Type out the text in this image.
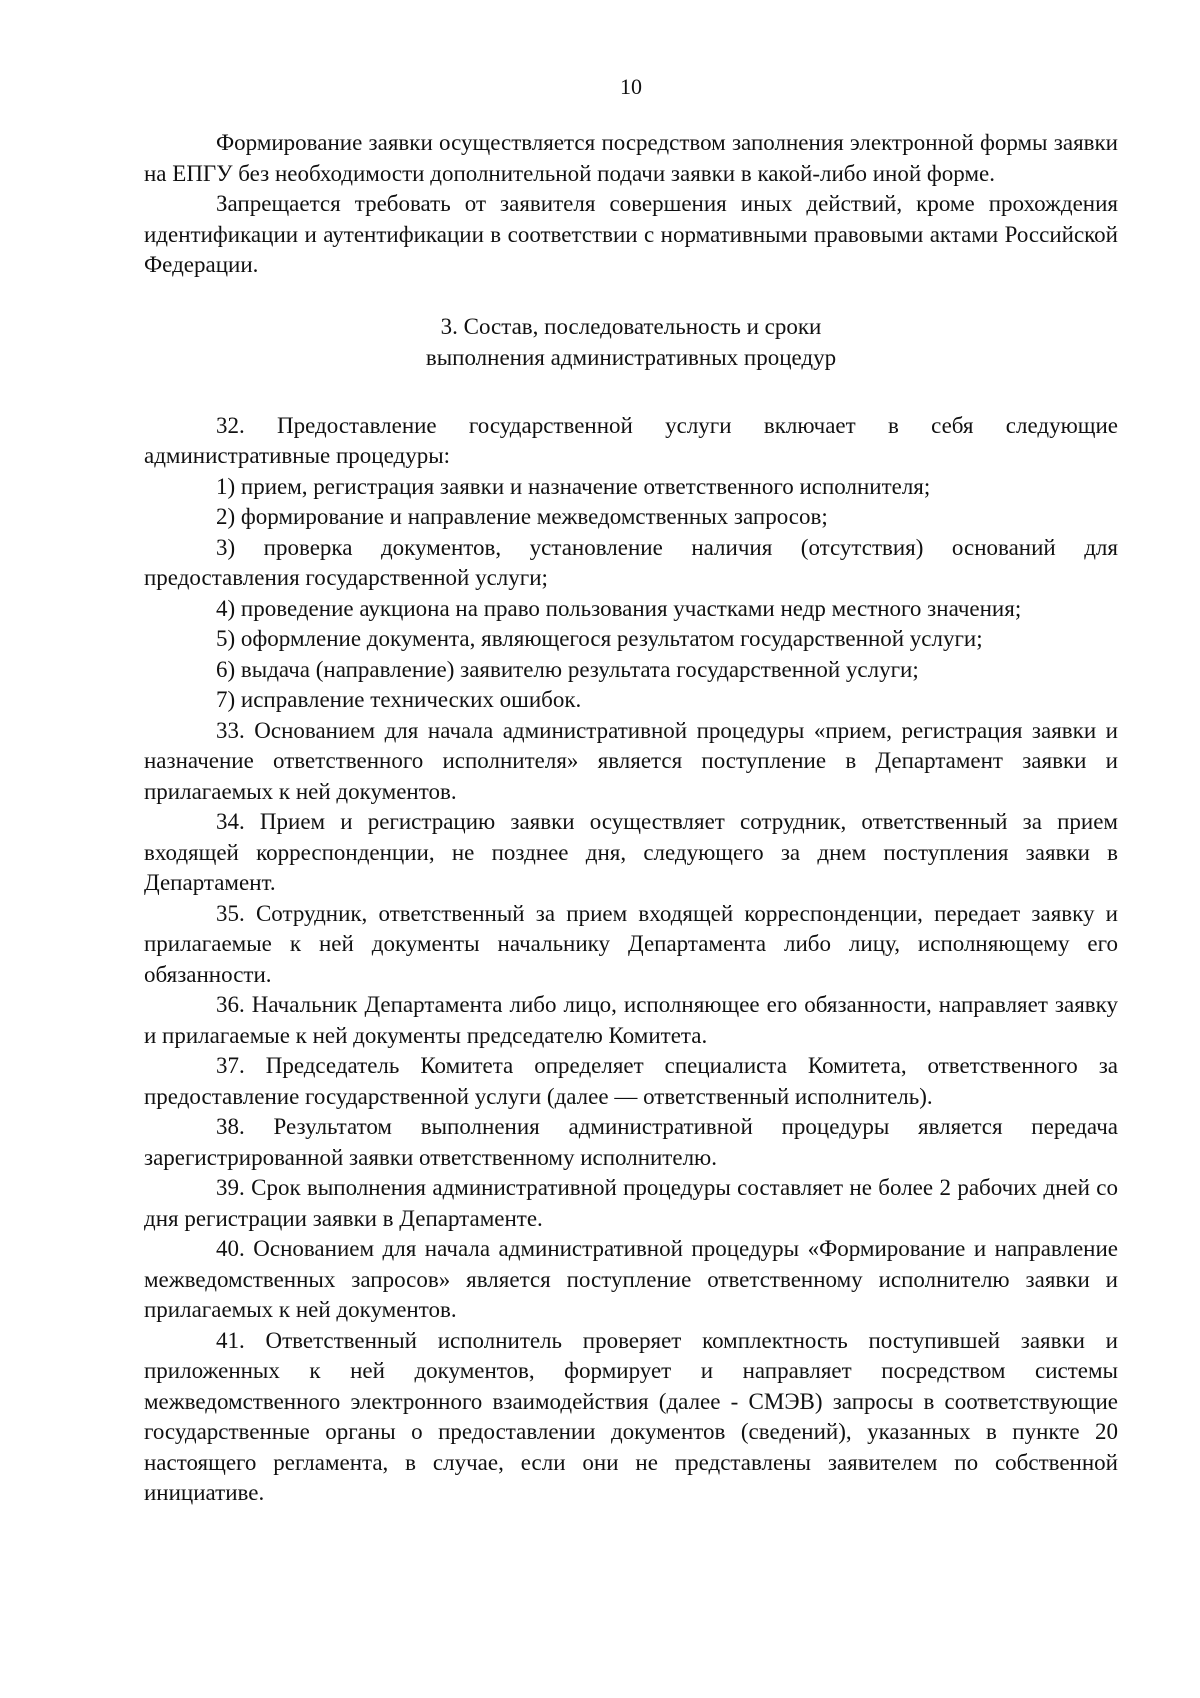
10

Формирование заявки осуществляется посредством заполнения электронной формы заявки на ЕПГУ без необходимости дополнительной подачи заявки в какой-либо иной форме.

Запрещается требовать от заявителя совершения иных действий, кроме прохождения идентификации и аутентификации в соответствии с нормативными правовыми актами Российской Федерации.

3. Состав, последовательность и сроки
выполнения административных процедур

32. Предоставление государственной услуги включает в себя следующие административные процедуры:

1) прием, регистрация заявки и назначение ответственного исполнителя;

2) формирование и направление межведомственных запросов;

3) проверка документов, установление наличия (отсутствия) оснований для предоставления государственной услуги;

4) проведение аукциона на право пользования участками недр местного значения;

5) оформление документа, являющегося результатом государственной услуги;

6) выдача (направление) заявителю результата государственной услуги;

7) исправление технических ошибок.

33. Основанием для начала административной процедуры «прием, регистрация заявки и назначение ответственного исполнителя» является поступление в Департамент заявки и прилагаемых к ней документов.

34. Прием и регистрацию заявки осуществляет сотрудник, ответственный за прием входящей корреспонденции, не позднее дня, следующего за днем поступления заявки в Департамент.

35. Сотрудник, ответственный за прием входящей корреспонденции, передает заявку и прилагаемые к ней документы начальнику Департамента либо лицу, исполняющему его обязанности.

36. Начальник Департамента либо лицо, исполняющее его обязанности, направляет заявку и прилагаемые к ней документы председателю Комитета.

37. Председатель Комитета определяет специалиста Комитета, ответственного за предоставление государственной услуги (далее — ответственный исполнитель).

38. Результатом выполнения административной процедуры является передача зарегистрированной заявки ответственному исполнителю.

39. Срок выполнения административной процедуры составляет не более 2 рабочих дней со дня регистрации заявки в Департаменте.

40. Основанием для начала административной процедуры «Формирование и направление межведомственных запросов» является поступление ответственному исполнителю заявки и прилагаемых к ней документов.

41. Ответственный исполнитель проверяет комплектность поступившей заявки и приложенных к ней документов, формирует и направляет посредством системы межведомственного электронного взаимодействия (далее - СМЭВ) запросы в соответствующие государственные органы о предоставлении документов (сведений), указанных в пункте 20 настоящего регламента, в случае, если они не представлены заявителем по собственной инициативе.
